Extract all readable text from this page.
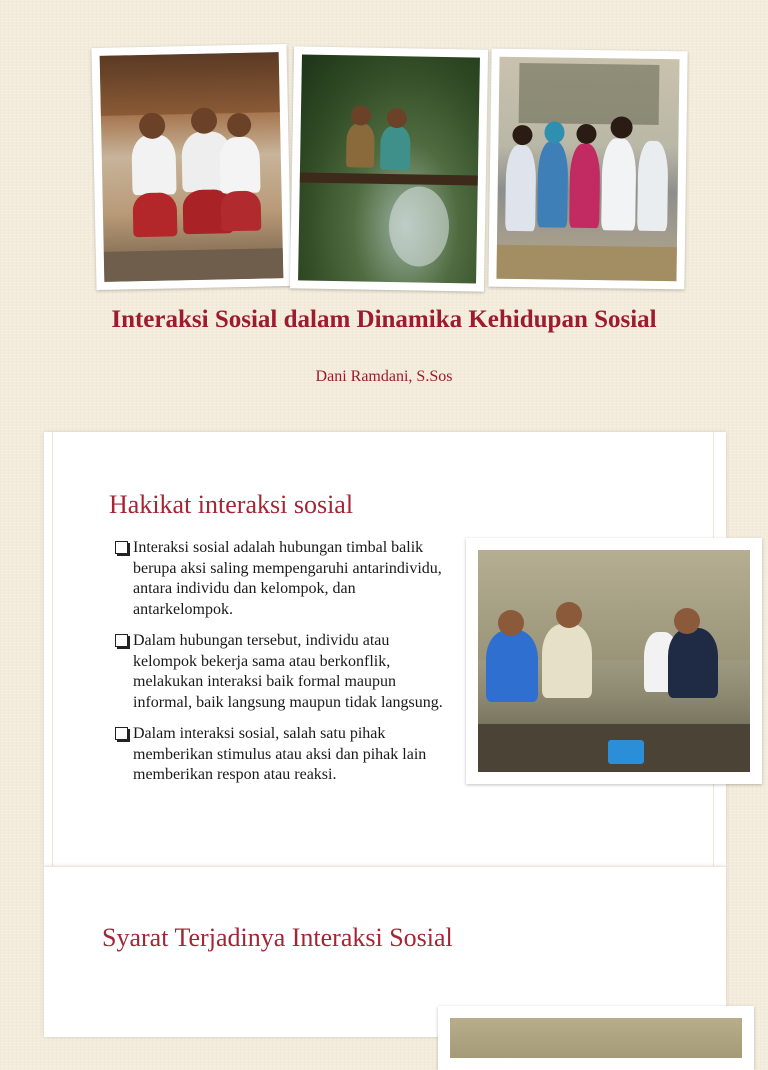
Interaksi Sosial dalam Dinamika Kehidupan Sosial
Dani Ramdani, S.Sos
Hakikat interaksi sosial
Interaksi sosial adalah hubungan timbal balik berupa aksi saling mempengaruhi antarindividu, antara individu dan kelompok, dan antarkelompok.
Dalam hubungan tersebut, individu atau kelompok bekerja sama atau berkonflik, melakukan interaksi baik formal maupun informal, baik langsung maupun tidak langsung.
Dalam interaksi sosial, salah satu pihak memberikan stimulus atau aksi dan pihak lain memberikan respon atau reaksi.
Syarat Terjadinya Interaksi Sosial
